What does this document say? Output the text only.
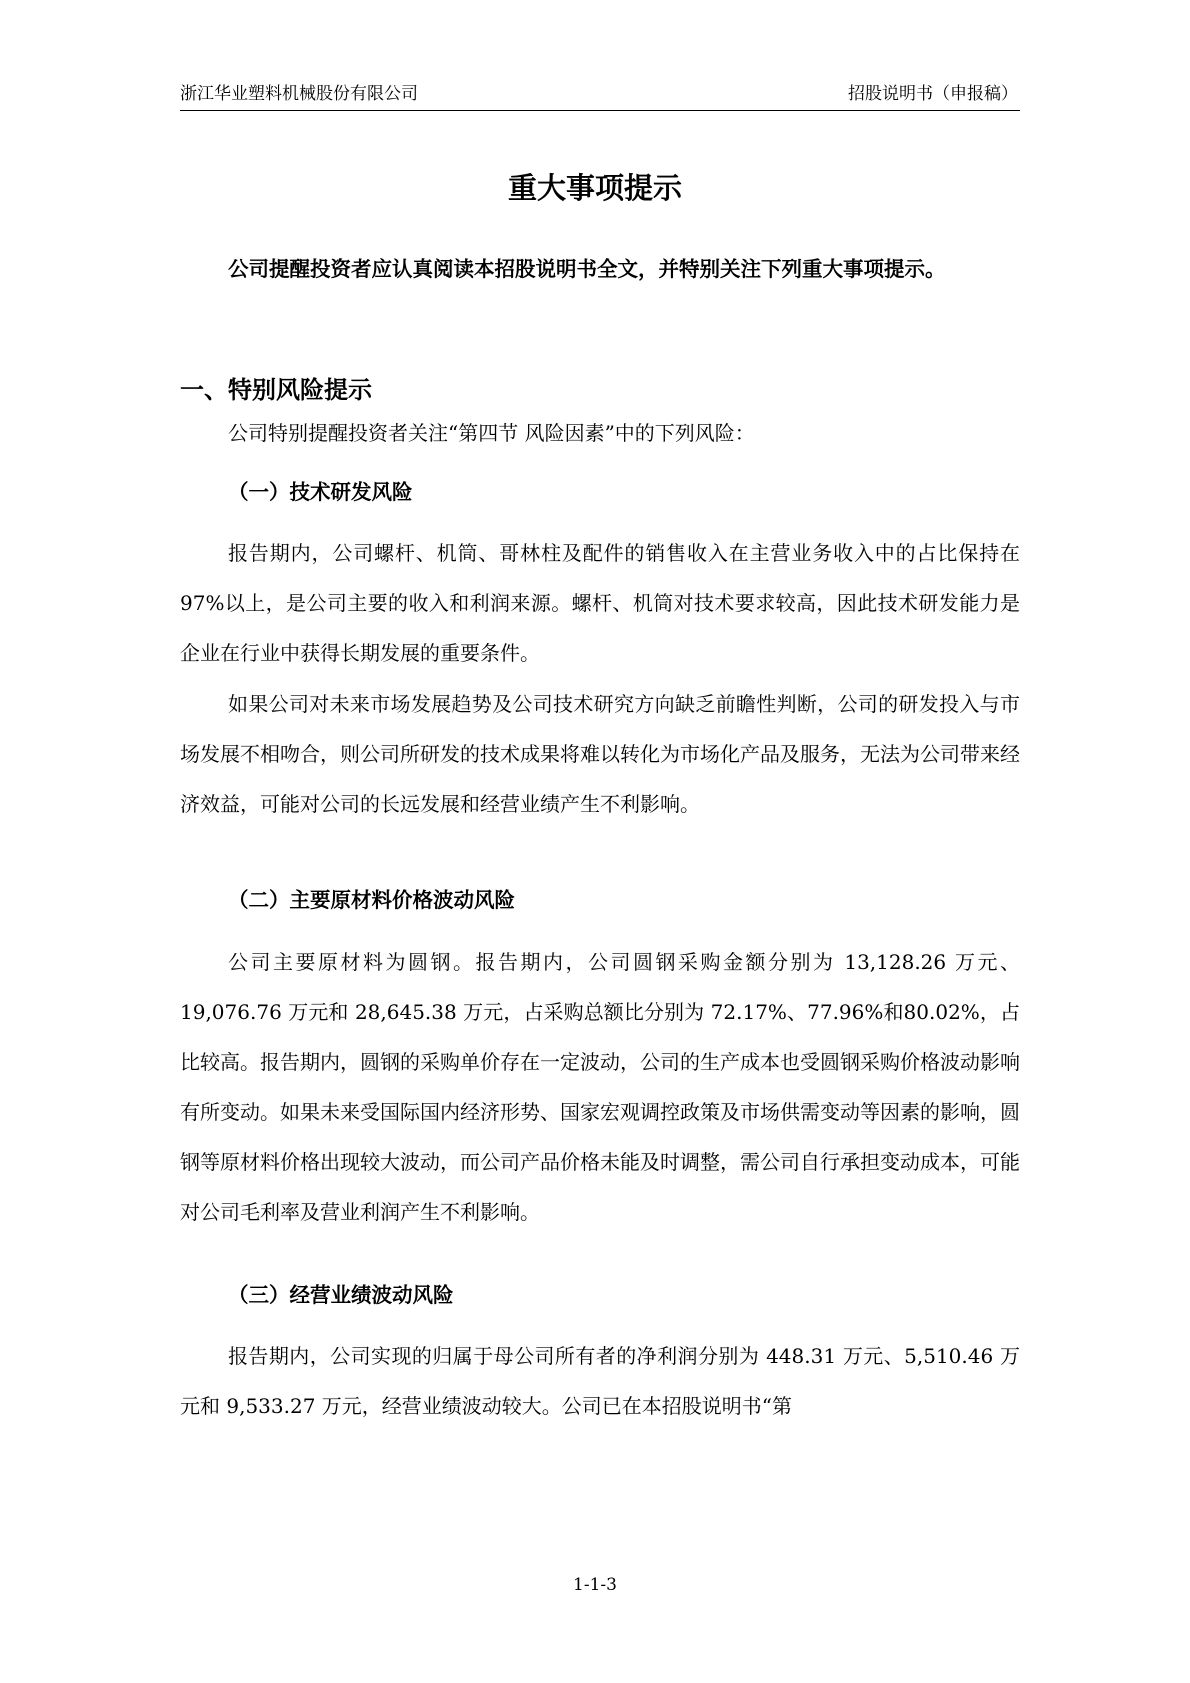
浙江华业塑料机械股份有限公司	招股说明书（申报稿）
重大事项提示

公司提醒投资者应认真阅读本招股说明书全文，并特别关注下列重大事项提示。

一、特别风险提示

公司特别提醒投资者关注“第四节 风险因素”中的下列风险：

（一）技术研发风险

报告期内，公司螺杆、机筒、哥林柱及配件的销售收入在主营业务收入中的占比保持在97%以上，是公司主要的收入和利润来源。螺杆、机筒对技术要求较高，因此技术研发能力是企业在行业中获得长期发展的重要条件。

如果公司对未来市场发展趋势及公司技术研究方向缺乏前瞻性判断，公司的研发投入与市场发展不相吻合，则公司所研发的技术成果将难以转化为市场化产品及服务，无法为公司带来经济效益，可能对公司的长远发展和经营业绩产生不利影响。

（二）主要原材料价格波动风险

公司主要原材料为圆钢。报告期内，公司圆钢采购金额分别为 13,128.26 万元、19,076.76 万元和 28,645.38 万元，占采购总额比分别为 72.17%、77.96%和80.02%，占比较高。报告期内，圆钢的采购单价存在一定波动，公司的生产成本也受圆钢采购价格波动影响有所变动。如果未来受国际国内经济形势、国家宏观调控政策及市场供需变动等因素的影响，圆钢等原材料价格出现较大波动，而公司产品价格未能及时调整，需公司自行承担变动成本，可能对公司毛利率及营业利润产生不利影响。

（三）经营业绩波动风险

报告期内，公司实现的归属于母公司所有者的净利润分别为 448.31 万元、5,510.46 万元和 9,533.27 万元，经营业绩波动较大。公司已在本招股说明书“第

1-1-3
